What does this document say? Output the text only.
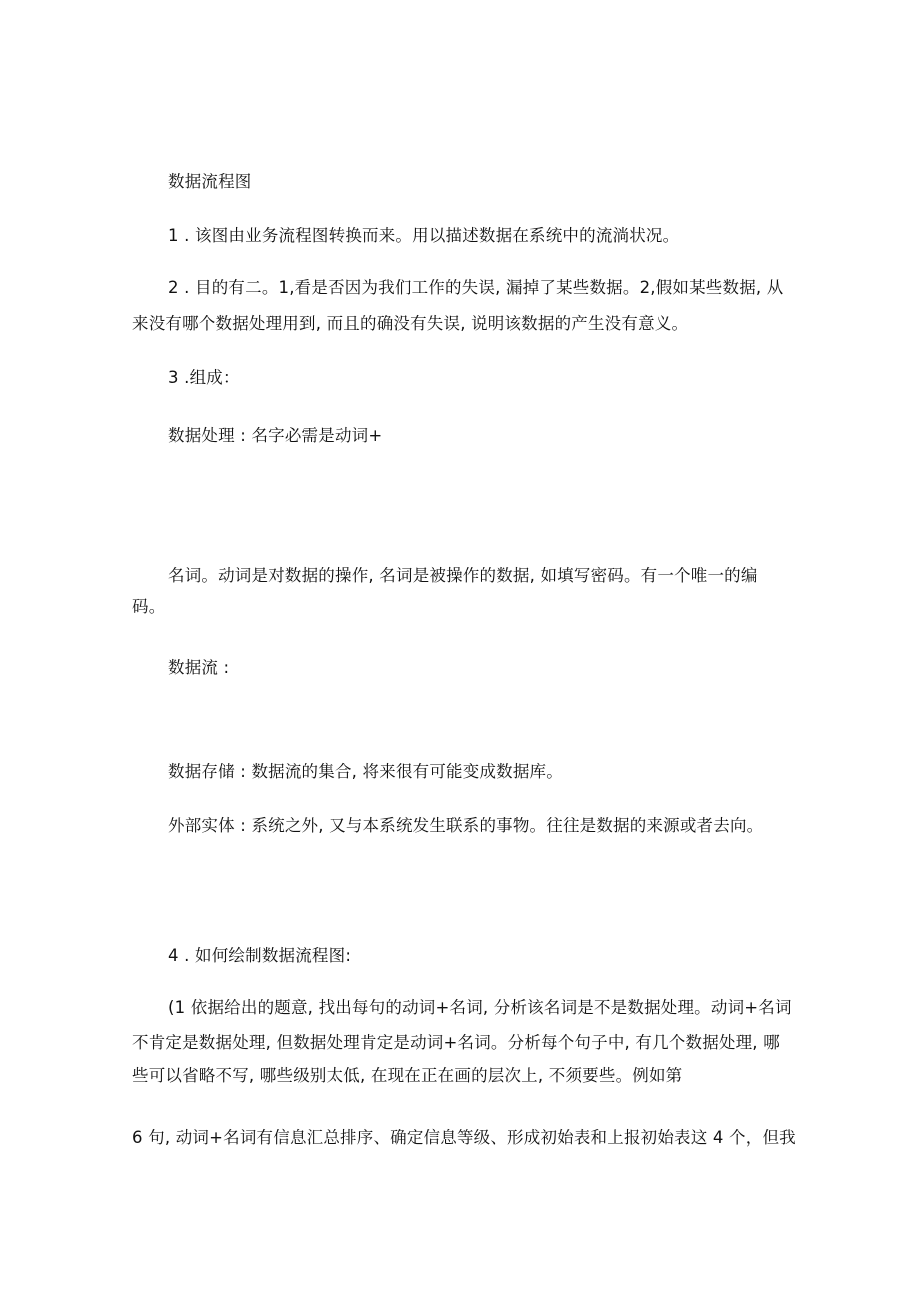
数据流程图

1 . 该图由业务流程图转换而来。用以描述数据在系统中的流淌状况。

2 . 目的有二。1,看是否因为我们工作的失误, 漏掉了某些数据。2,假如某些数据, 从

来没有哪个数据处理用到, 而且的确没有失误, 说明该数据的产生没有意义。

3 .组成：

数据处理 : 名字必需是动词+

名词。动词是对数据的操作, 名词是被操作的数据, 如填写密码。有一个唯一的编

码。

数据流 :

数据存储 : 数据流的集合, 将来很有可能变成数据库。

外部实体 : 系统之外, 又与本系统发生联系的事物。往往是数据的来源或者去向。

4 . 如何绘制数据流程图:

(1 依据给出的题意, 找出每句的动词+名词, 分析该名词是不是数据处理。动词+名词

不肯定是数据处理, 但数据处理肯定是动词+名词。分析每个句子中, 有几个数据处理, 哪

些可以省略不写, 哪些级别太低, 在现在正在画的层次上, 不须要些。例如第

6 句, 动词+名词有信息汇总排序、确定信息等级、形成初始表和上报初始表这 4 个，但我
